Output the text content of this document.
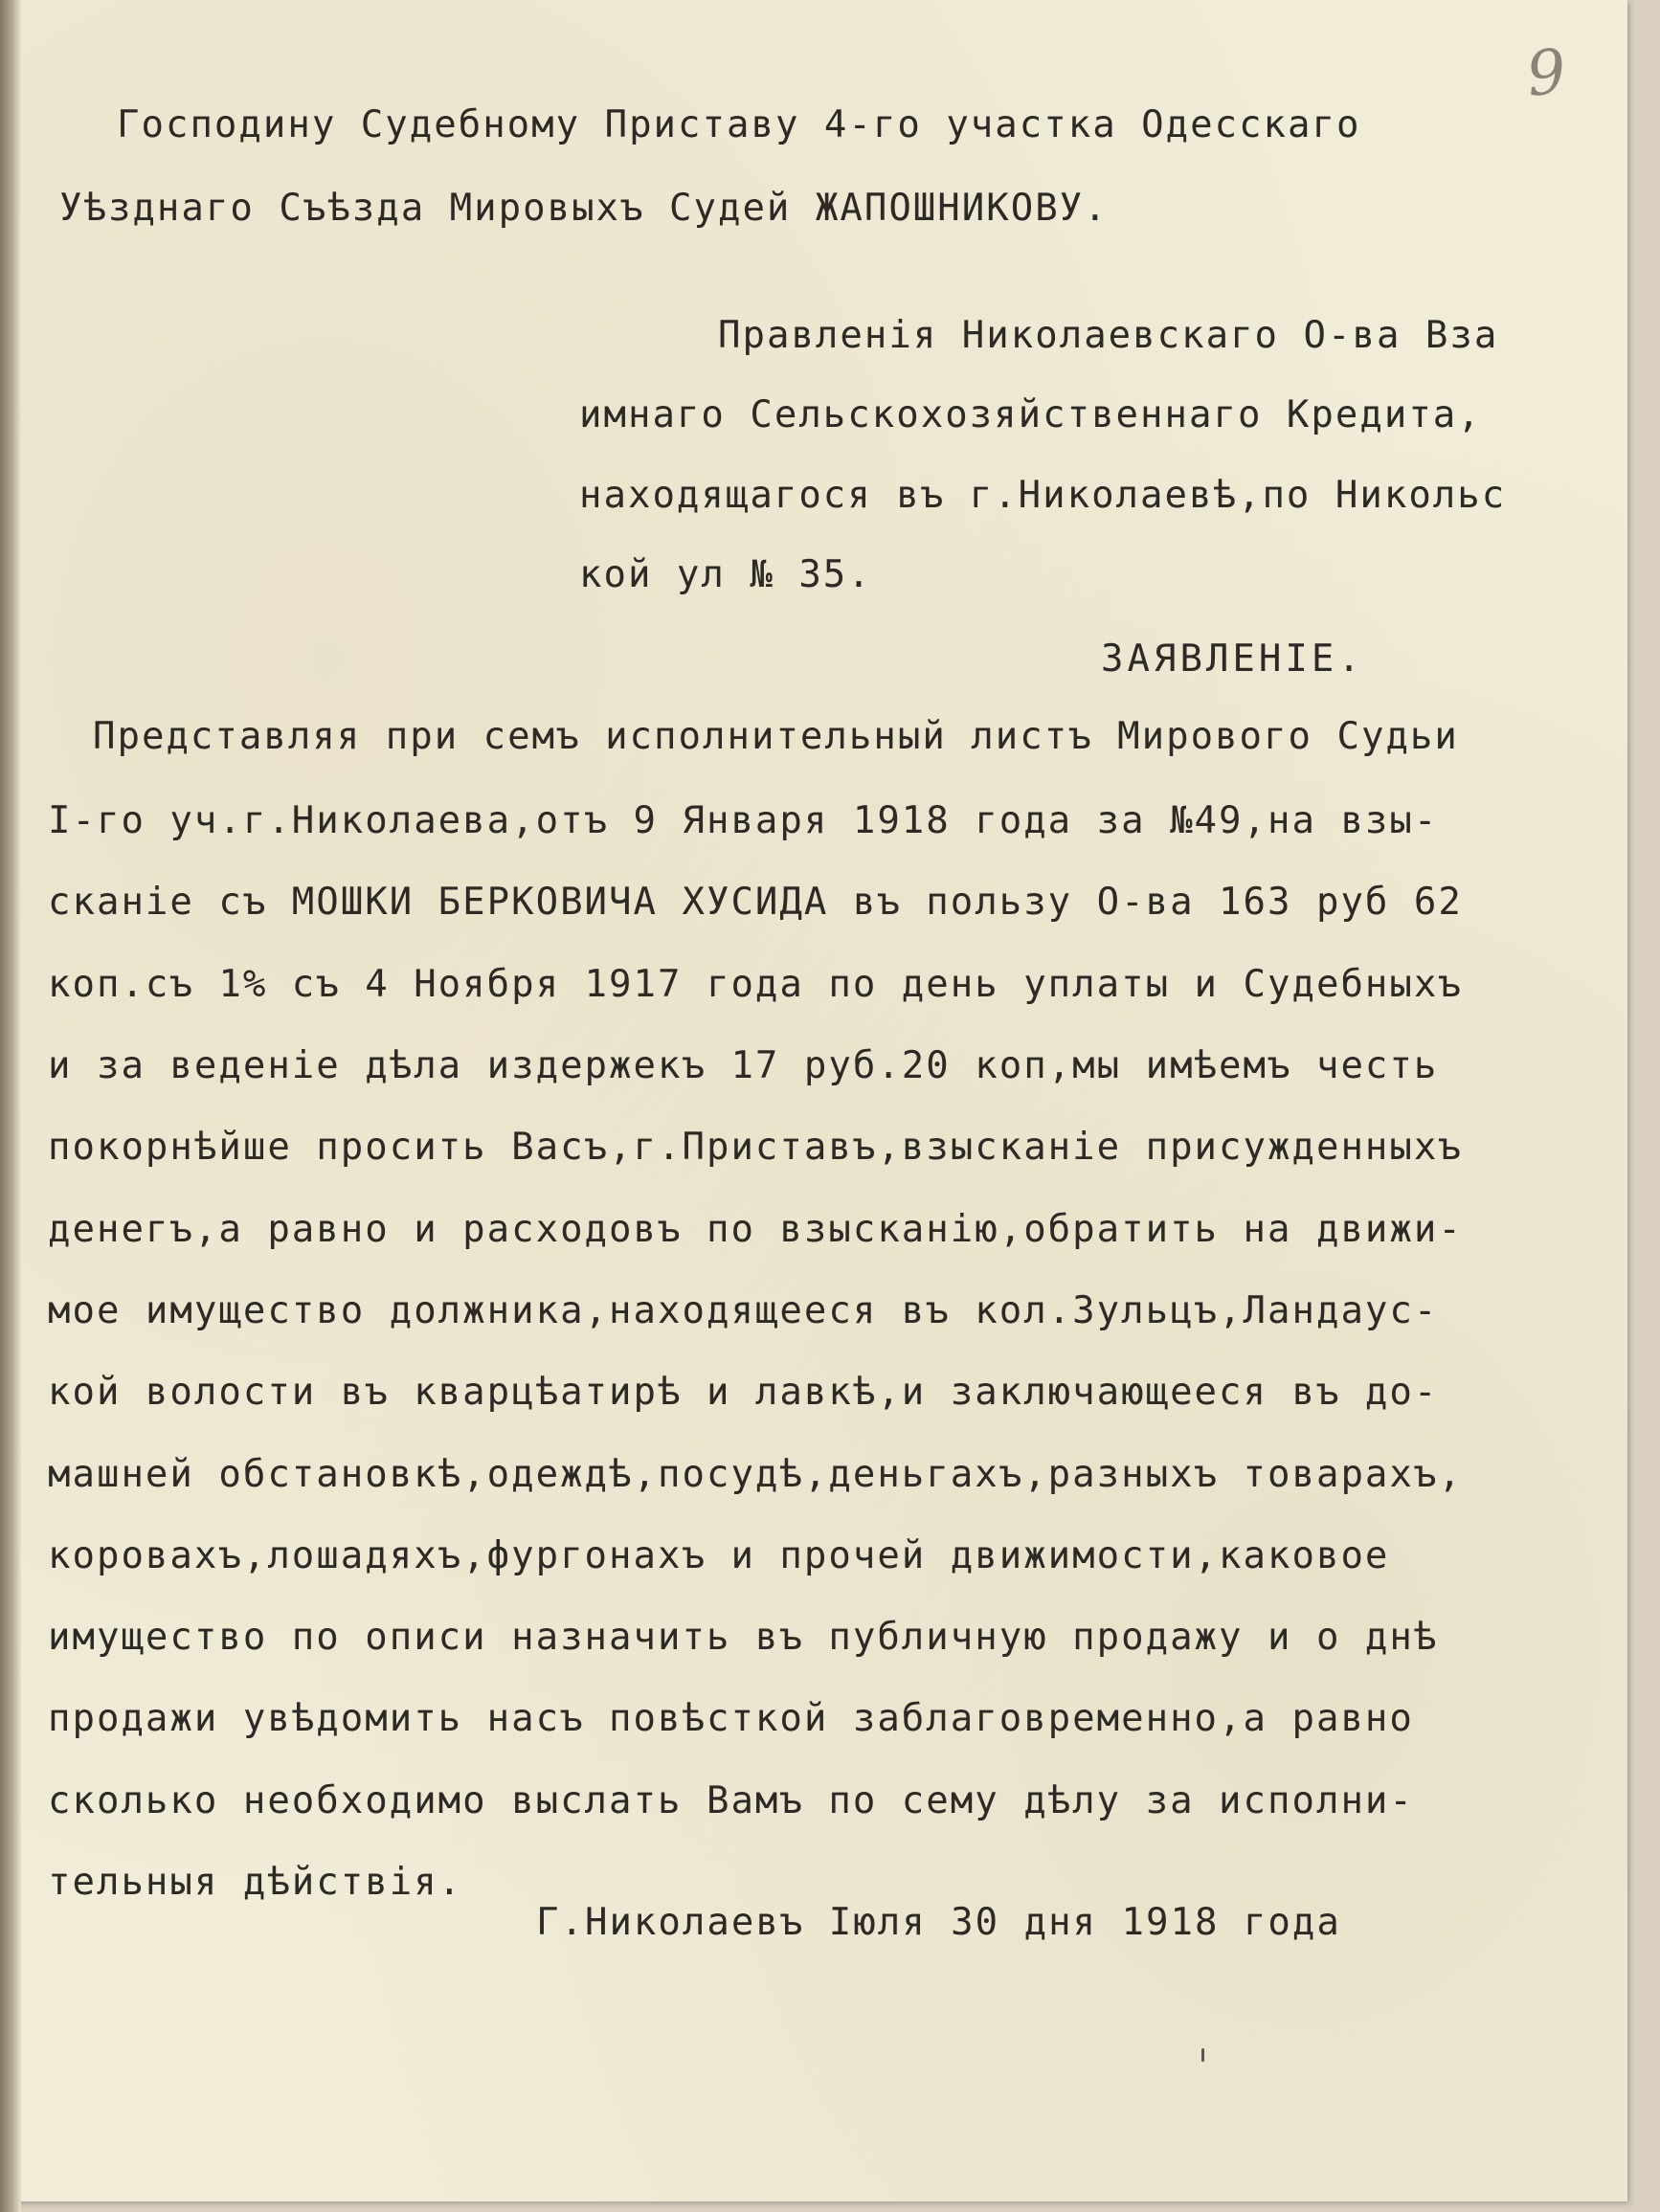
9
Господину Судебному Приставу 4-го участка Одесскаго
Уѣзднаго Съѣзда Мировыхъ Судей ЖАПОШНИКОВУ.
Правленія Николаевскаго О-ва Вза
имнаго Сельскохозяйственнаго Кредита,
находящагося въ г.Николаевѣ,по Никольс
кой ул № 35.
ЗАЯВЛЕНІЕ.
Представляя при семъ исполнительный листъ Мирового Судьи
I-го уч.г.Николаева,отъ 9 Января 1918 года за №49,на взы-
сканіе съ МОШКИ БЕРКОВИЧА ХУСИДА въ пользу О-ва 163 руб 62
коп.съ 1% съ 4 Ноября 1917 года по день уплаты и Судебныхъ
и за веденіе дѣла издержекъ 17 руб.20 коп,мы имѣемъ честь
покорнѣйше просить Васъ,г.Приставъ,взысканіе присужденныхъ
денегъ,а равно и расходовъ по взысканію,обратить на движи-
мое имущество должника,находящееся въ кол.Зульцъ,Ландаус-
кой волости въ кварцѣатирѣ и лавкѣ,и заключающееся въ до-
машней обстановкѣ,одеждѣ,посудѣ,деньгахъ,разныхъ товарахъ,
коровахъ,лошадяхъ,фургонахъ и прочей движимости,каковое
имущество по описи назначить въ публичную продажу и о днѣ
продажи увѣдомить насъ повѣсткой заблаговременно,а равно
сколько необходимо выслать Вамъ по сему дѣлу за исполни-
тельныя дѣйствія.
Г.Николаевъ Іюля 30 дня 1918 года
